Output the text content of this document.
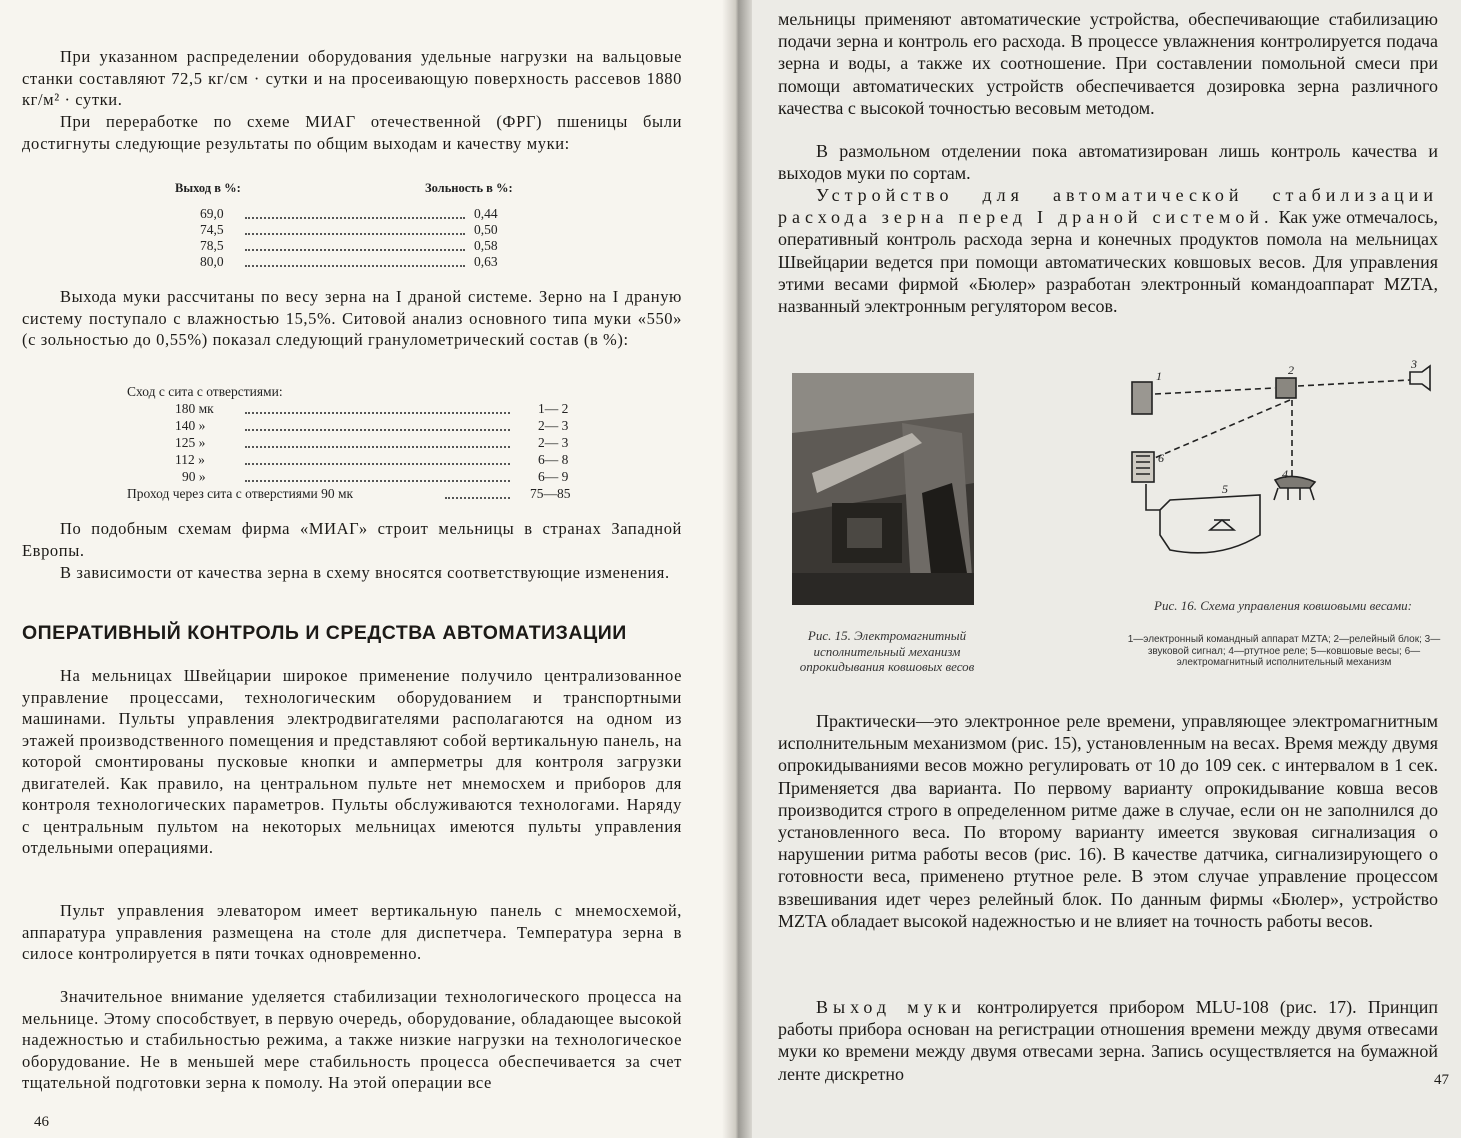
При указанном распределении оборудования удельные нагрузки на вальцовые станки составляют 72,5 кг/см · сутки и на просеивающую поверхность рассевов 1880 кг/м² · сутки.

При переработке по схеме МИАГ отечественной (ФРГ) пшеницы были достигнуты следующие результаты по общим выходам и качеству муки:

Выход в %:	Зольность в %:
69,0	0,44
74,5	0,50
78,5	0,58
80,0	0,63

Выхода муки рассчитаны по весу зерна на I драной системе. Зерно на I драную систему поступало с влажностью 15,5%. Ситовой анализ основного типа муки «550» (с зольностью до 0,55%) показал следующий гранулометрический состав (в %):

Сход с сита с отверстиями:
180 мк	1— 2
140 »	2— 3
125 »	2— 3
112 »	6— 8
90 »	6— 9
Проход через сита с отверстиями 90 мк	75—85

По подобным схемам фирма «МИАГ» строит мельницы в странах Западной Европы.

В зависимости от качества зерна в схему вносятся соответствующие изменения.

ОПЕРАТИВНЫЙ КОНТРОЛЬ И СРЕДСТВА АВТОМАТИЗАЦИИ

На мельницах Швейцарии широкое применение получило централизованное управление процессами, технологическим оборудованием и транспортными машинами. Пульты управления электродвигателями располагаются на одном из этажей производственного помещения и представляют собой вертикальную панель, на которой смонтированы пусковые кнопки и амперметры для контроля загрузки двигателей. Как правило, на центральном пульте нет мнемосхем и приборов для контроля технологических параметров. Пульты обслуживаются технологами. Наряду с центральным пультом на некоторых мельницах имеются пульты управления отдельными операциями.

Пульт управления элеватором имеет вертикальную панель с мнемосхемой, аппаратура управления размещена на столе для диспетчера. Температура зерна в силосе контролируется в пяти точках одновременно.

Значительное внимание уделяется стабилизации технологического процесса на мельнице. Этому способствует, в первую очередь, оборудование, обладающее высокой надежностью и стабильностью режима, а также низкие нагрузки на технологическое оборудование. Не в меньшей мере стабильность процесса обеспечивается за счет тщательной подготовки зерна к помолу. На этой операции все

46

мельницы применяют автоматические устройства, обеспечивающие стабилизацию подачи зерна и контроль его расхода. В процессе увлажнения контролируется подача зерна и воды, а также их соотношение. При составлении помольной смеси при помощи автоматических устройств обеспечивается дозировка зерна различного качества с высокой точностью весовым методом.

В размольном отделении пока автоматизирован лишь контроль качества и выходов муки по сортам.

Устройство для автоматической стабилизации расхода зерна перед I драной системой. Как уже отмечалось, оперативный контроль расхода зерна и конечных продуктов помола на мельницах Швейцарии ведется при помощи автоматических ковшовых весов. Для управления этими весами фирмой «Бюлер» разработан электронный командоаппарат MZTA, названный электронным регулятором весов.

Рис. 15. Электромагнитный исполнительный механизм опрокидывания ковшовых весов
1	2	3
4
5
6
Рис. 16. Схема управления ковшовыми весами:
1—электронный командный аппарат MZTA; 2—релейный блок; 3—звуковой сигнал; 4—ртутное реле; 5—ковшовые весы; 6—электромагнитный исполнительный механизм

Практически—это электронное реле времени, управляющее электромагнитным исполнительным механизмом (рис. 15), установленным на весах. Время между двумя опрокидываниями весов можно регулировать от 10 до 109 сек. с интервалом в 1 сек. Применяется два варианта. По первому варианту опрокидывание ковша весов производится строго в определенном ритме даже в случае, если он не заполнился до установленного веса. По второму варианту имеется звуковая сигнализация о нарушении ритма работы весов (рис. 16). В качестве датчика, сигнализирующего о готовности веса, применено ртутное реле. В этом случае управление процессом взвешивания идет через релейный блок. По данным фирмы «Бюлер», устройство MZTA обладает высокой надежностью и не влияет на точность работы весов.

Выход муки контролируется прибором MLU-108 (рис. 17). Принцип работы прибора основан на регистрации отношения времени между двумя отвесами муки ко времени между двумя отвесами зерна. Запись осуществляется на бумажной ленте дискретно	47
